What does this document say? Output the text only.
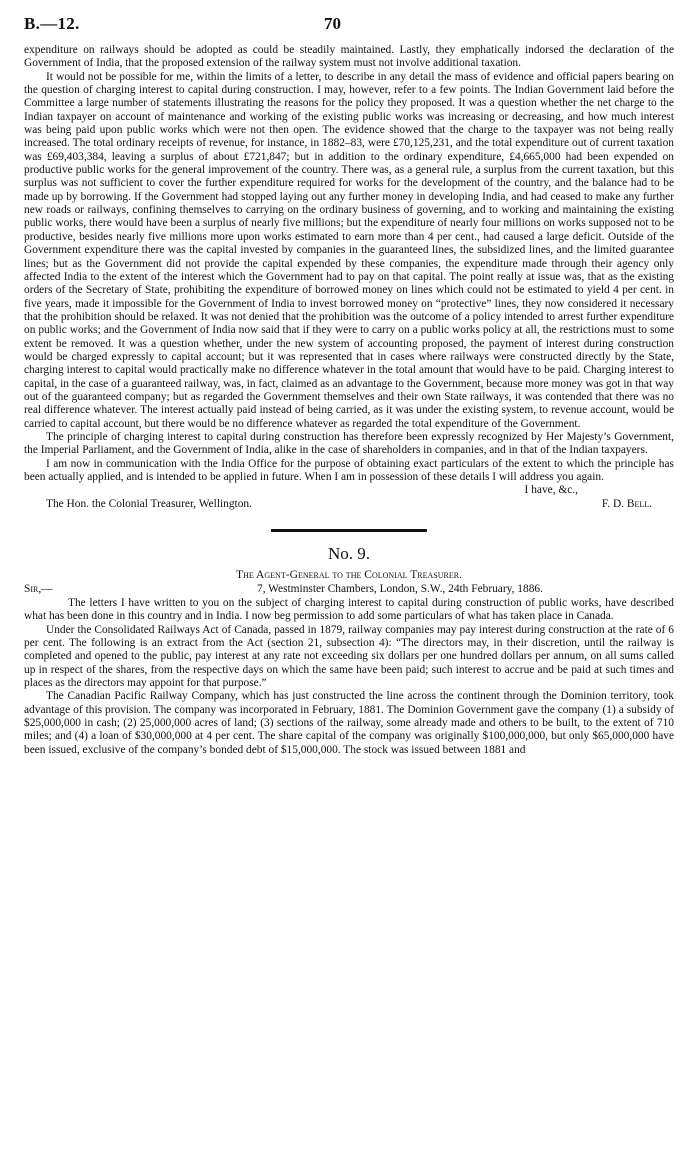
B.—12.	70

expenditure on railways should be adopted as could be steadily maintained. Lastly, they emphatically indorsed the declaration of the Government of India, that the proposed extension of the railway system must not involve additional taxation.

It would not be possible for me, within the limits of a letter, to describe in any detail the mass of evidence and official papers bearing on the question of charging interest to capital during construction. I may, however, refer to a few points. The Indian Government laid before the Committee a large number of statements illustrating the reasons for the policy they proposed. It was a question whether the net charge to the Indian taxpayer on account of maintenance and working of the existing public works was increasing or decreasing, and how much interest was being paid upon public works which were not then open. The evidence showed that the charge to the taxpayer was not being really increased. The total ordinary receipts of revenue, for instance, in 1882–83, were £70,125,231, and the total expenditure out of current taxation was £69,403,384, leaving a surplus of about £721,847; but in addition to the ordinary expenditure, £4,665,000 had been expended on productive public works for the general improvement of the country. There was, as a general rule, a surplus from the current taxation, but this surplus was not sufficient to cover the further expenditure required for works for the development of the country, and the balance had to be made up by borrowing. If the Government had stopped laying out any further money in developing India, and had ceased to make any further new roads or railways, confining themselves to carrying on the ordinary business of governing, and to working and maintaining the existing public works, there would have been a surplus of nearly five millions; but the expenditure of nearly four millions on works supposed not to be productive, besides nearly five millions more upon works estimated to earn more than 4 per cent., had caused a large deficit. Outside of the Government expenditure there was the capital invested by companies in the guaranteed lines, the subsidized lines, and the limited guarantee lines; but as the Government did not provide the capital expended by these companies, the expenditure made through their agency only affected India to the extent of the interest which the Government had to pay on that capital. The point really at issue was, that as the existing orders of the Secretary of State, prohibiting the expenditure of borrowed money on lines which could not be estimated to yield 4 per cent. in five years, made it impossible for the Government of India to invest borrowed money on “protective” lines, they now considered it necessary that the prohibition should be relaxed. It was not denied that the prohibition was the outcome of a policy intended to arrest further expenditure on public works; and the Government of India now said that if they were to carry on a public works policy at all, the restrictions must to some extent be removed. It was a question whether, under the new system of accounting proposed, the payment of interest during construction would be charged expressly to capital account; but it was represented that in cases where railways were constructed directly by the State, charging interest to capital would practically make no difference whatever in the total amount that would have to be paid. Charging interest to capital, in the case of a guaranteed railway, was, in fact, claimed as an advantage to the Government, because more money was got in that way out of the guaranteed company; but as regarded the Government themselves and their own State railways, it was contended that there was no real difference whatever. The interest actually paid instead of being carried, as it was under the existing system, to revenue account, would be carried to capital account, but there would be no difference whatever as regarded the total expenditure of the Government.

The principle of charging interest to capital during construction has therefore been expressly recognized by Her Majesty’s Government, the Imperial Parliament, and the Government of India, alike in the case of shareholders in companies, and in that of the Indian taxpayers.

I am now in communication with the India Office for the purpose of obtaining exact particulars of the extent to which the principle has been actually applied, and is intended to be applied in future. When I am in possession of these details I will address you again.

I have, &c.,
The Hon. the Colonial Treasurer, Wellington.	F. D. Bell.
No. 9.
The Agent-General to the Colonial Treasurer.
Sir,—	7, Westminster Chambers, London, S.W., 24th February, 1886.

The letters I have written to you on the subject of charging interest to capital during construction of public works, have described what has been done in this country and in India. I now beg permission to add some particulars of what has taken place in Canada.

Under the Consolidated Railways Act of Canada, passed in 1879, railway companies may pay interest during construction at the rate of 6 per cent. The following is an extract from the Act (section 21, subsection 4): “The directors may, in their discretion, until the railway is completed and opened to the public, pay interest at any rate not exceeding six dollars per one hundred dollars per annum, on all sums called up in respect of the shares, from the respective days on which the same have been paid; such interest to accrue and be paid at such times and places as the directors may appoint for that purpose.”

The Canadian Pacific Railway Company, which has just constructed the line across the continent through the Dominion territory, took advantage of this provision. The company was incorporated in February, 1881. The Dominion Government gave the company (1) a subsidy of $25,000,000 in cash; (2) 25,000,000 acres of land; (3) sections of the railway, some already made and others to be built, to the extent of 710 miles; and (4) a loan of $30,000,000 at 4 per cent. The share capital of the company was originally $100,000,000, but only $65,000,000 have been issued, exclusive of the company’s bonded debt of $15,000,000. The stock was issued between 1881 and
